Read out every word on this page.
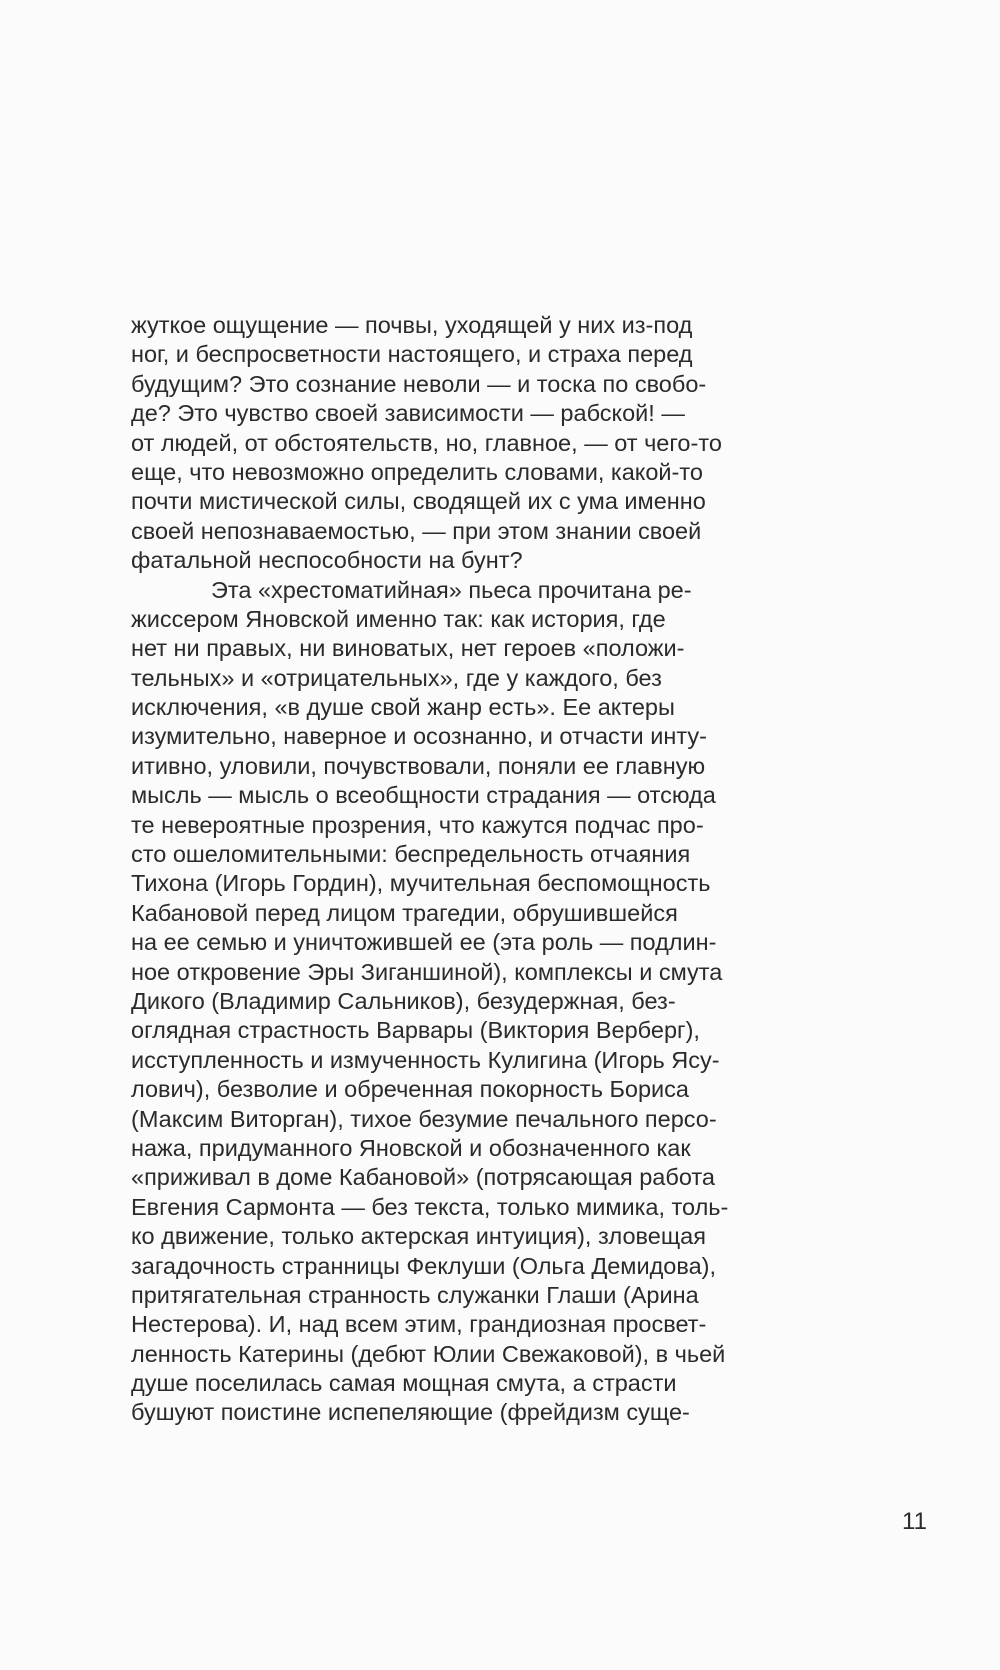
жуткое ощущение — почвы, уходящей у них из-под
ног, и беспросветности настоящего, и страха перед
будущим? Это сознание неволи — и тоска по свобо-
де? Это чувство своей зависимости — рабской! —
от людей, от обстоятельств, но, главное, — от чего-то
еще, что невозможно определить словами, какой-то
почти мистической силы, сводящей их с ума именно
своей непознаваемостью, — при этом знании своей
фатальной неспособности на бунт?
Эта «хрестоматийная» пьеса прочитана ре-
жиссером Яновской именно так: как история, где
нет ни правых, ни виноватых, нет героев «положи-
тельных» и «отрицательных», где у каждого, без
исключения, «в душе свой жанр есть». Ее актеры
изумительно, наверное и осознанно, и отчасти инту-
итивно, уловили, почувствовали, поняли ее главную
мысль — мысль о всеобщности страдания — отсюда
те невероятные прозрения, что кажутся подчас про-
сто ошеломительными: беспредельность отчаяния
Тихона (Игорь Гордин), мучительная беспомощность
Кабановой перед лицом трагедии, обрушившейся
на ее семью и уничтожившей ее (эта роль — подлин-
ное откровение Эры Зиганшиной), комплексы и смута
Дикого (Владимир Сальников), безудержная, без-
оглядная страстность Варвары (Виктория Верберг),
исступленность и измученность Кулигина (Игорь Ясу-
лович), безволие и обреченная покорность Бориса
(Максим Виторган), тихое безумие печального персо-
нажа, придуманного Яновской и обозначенного как
«приживал в доме Кабановой» (потрясающая работа
Евгения Сармонта — без текста, только мимика, толь-
ко движение, только актерская интуиция), зловещая
загадочность странницы Феклуши (Ольга Демидова),
притягательная странность служанки Глаши (Арина
Нестерова). И, над всем этим, грандиозная просвет-
ленность Катерины (дебют Юлии Свежаковой), в чьей
душе поселилась самая мощная смута, а страсти
бушуют поистине испепеляющие (фрейдизм суще-
11
